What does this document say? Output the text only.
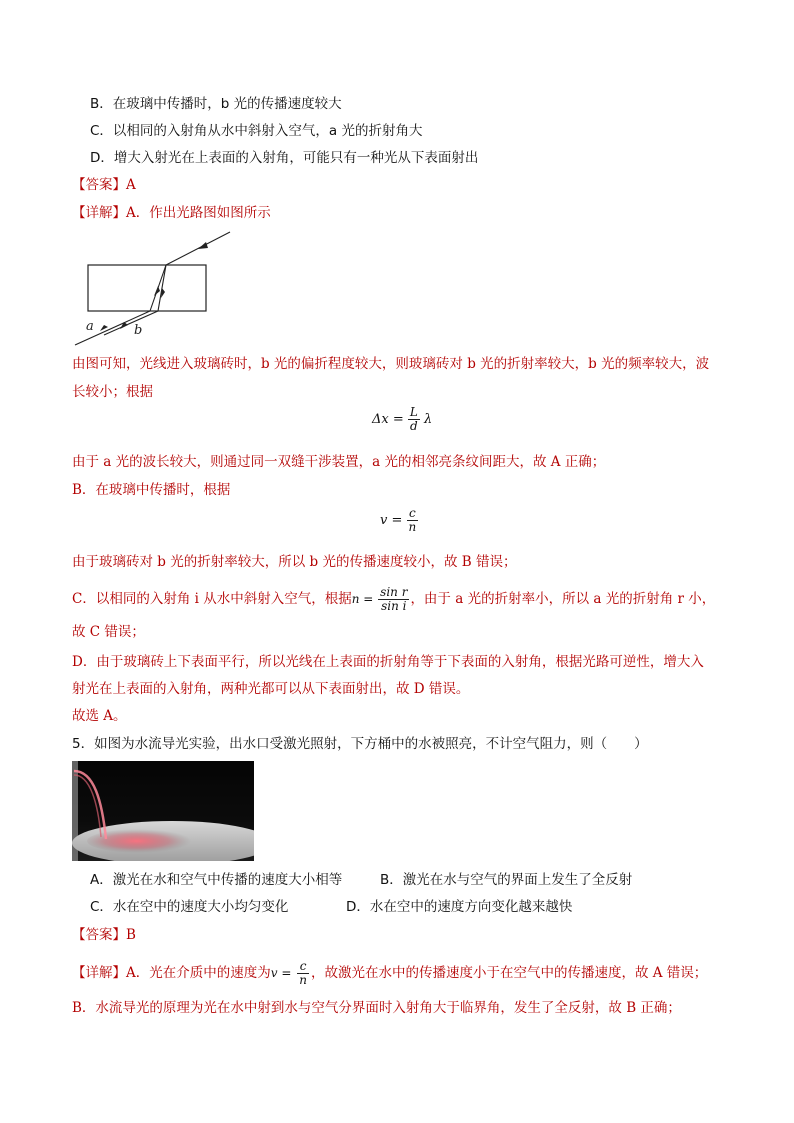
B．在玻璃中传播时，b 光的传播速度较大
C．以相同的入射角从水中斜射入空气，a 光的折射角大
D．增大入射光在上表面的入射角，可能只有一种光从下表面射出
【答案】A
【详解】A．作出光路图如图所示
a	b
由图可知，光线进入玻璃砖时，b 光的偏折程度较大，则玻璃砖对 b 光的折射率较大，b 光的频率较大，波
长较小；根据
$\Delta x = \frac{L}{d}$ λ
由于 a 光的波长较大，则通过同一双缝干涉装置，a 光的相邻亮条纹间距大，故 A 正确；
B．在玻璃中传播时，根据
$v = \frac{c}{n}$
由于玻璃砖对 b 光的折射率较大，所以 b 光的传播速度较小，故 B 错误；
C．以相同的入射角 i 从水中斜射入空气，根据$n = \frac{\text{sin r}}{\text{sin i}}$ ，由于 a 光的折射率小，所以 a 光的折射角 r 小，
故 C 错误；
D．由于玻璃砖上下表面平行，所以光线在上表面的折射角等于下表面的入射角，根据光路可逆性，增大入
射光在上表面的入射角，两种光都可以从下表面射出，故 D 错误。
故选 A。
5．如图为水流导光实验，出水口受激光照射，下方桶中的水被照亮，不计空气阻力，则（　　）
A．激光在水和空气中传播的速度大小相等	B．激光在水与空气的界面上发生了全反射
C．水在空中的速度大小均匀变化	D．水在空中的速度方向变化越来越快
【答案】B
【详解】A．光在介质中的速度为$v = \frac{c}{n}$ ，故激光在水中的传播速度小于在空气中的传播速度，故 A 错误；
B．水流导光的原理为光在水中射到水与空气分界面时入射角大于临界角，发生了全反射，故 B 正确；
